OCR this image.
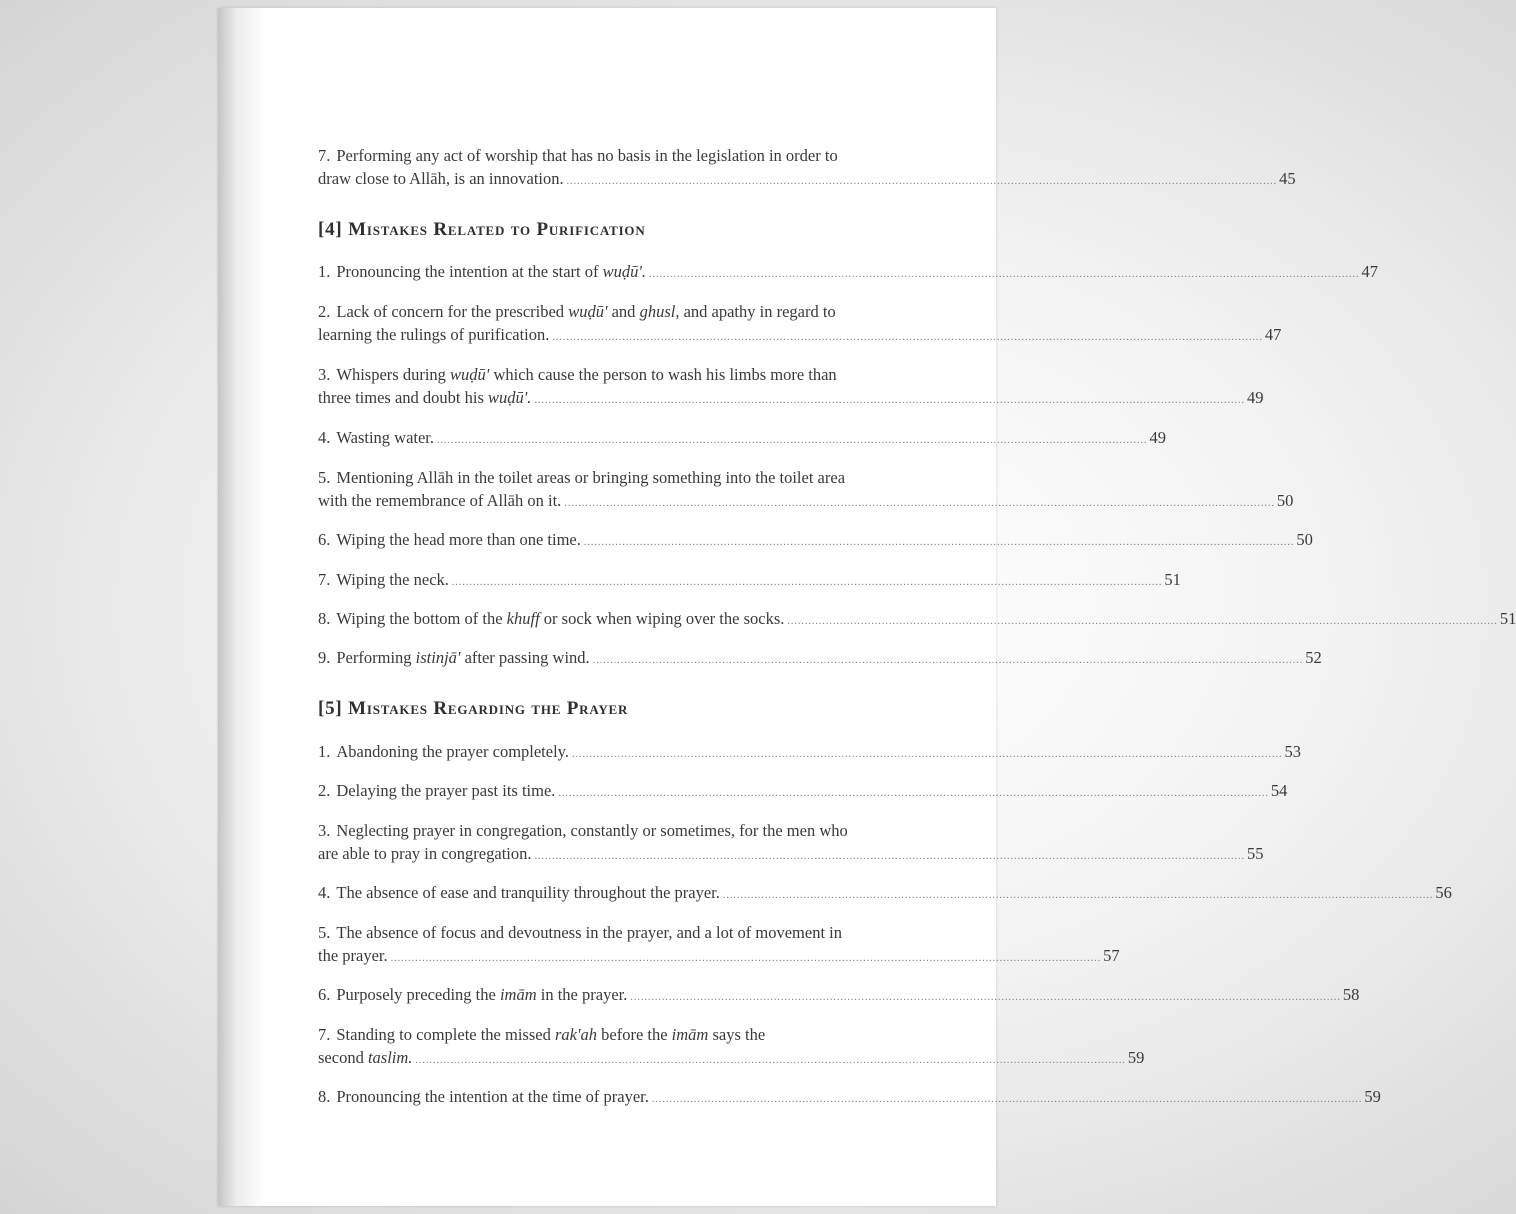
7. Performing any act of worship that has no basis in the legislation in order to
draw close to Allāh, is an innovation. ........................................................................................................................................................................................................... 45
[4] Mistakes Related to Purification
1. Pronouncing the intention at the start of wuḍū'. ........................................................................................................................................................................................................... 47
2. Lack of concern for the prescribed wuḍū' and ghusl, and apathy in regard to
learning the rulings of purification. ........................................................................................................................................................................................................... 47
3. Whispers during wuḍū' which cause the person to wash his limbs more than
three times and doubt his wuḍū'. ........................................................................................................................................................................................................... 49
4. Wasting water. ........................................................................................................................................................................................................... 49
5. Mentioning Allāh in the toilet areas or bringing something into the toilet area
with the remembrance of Allāh on it. ........................................................................................................................................................................................................... 50
6. Wiping the head more than one time. ........................................................................................................................................................................................................... 50
7. Wiping the neck. ........................................................................................................................................................................................................... 51
8. Wiping the bottom of the khuff or sock when wiping over the socks. ........................................................................................................................................................................................................... 51
9. Performing istinjā' after passing wind. ........................................................................................................................................................................................................... 52
[5] Mistakes Regarding the Prayer
1. Abandoning the prayer completely. ........................................................................................................................................................................................................... 53
2. Delaying the prayer past its time. ........................................................................................................................................................................................................... 54
3. Neglecting prayer in congregation, constantly or sometimes, for the men who
are able to pray in congregation. ........................................................................................................................................................................................................... 55
4. The absence of ease and tranquility throughout the prayer. ........................................................................................................................................................................................................... 56
5. The absence of focus and devoutness in the prayer, and a lot of movement in
the prayer. ........................................................................................................................................................................................................... 57
6. Purposely preceding the imām in the prayer. ........................................................................................................................................................................................................... 58
7. Standing to complete the missed rak'ah before the imām says the
second taslim. ........................................................................................................................................................................................................... 59
8. Pronouncing the intention at the time of prayer. ........................................................................................................................................................................................................... 59
